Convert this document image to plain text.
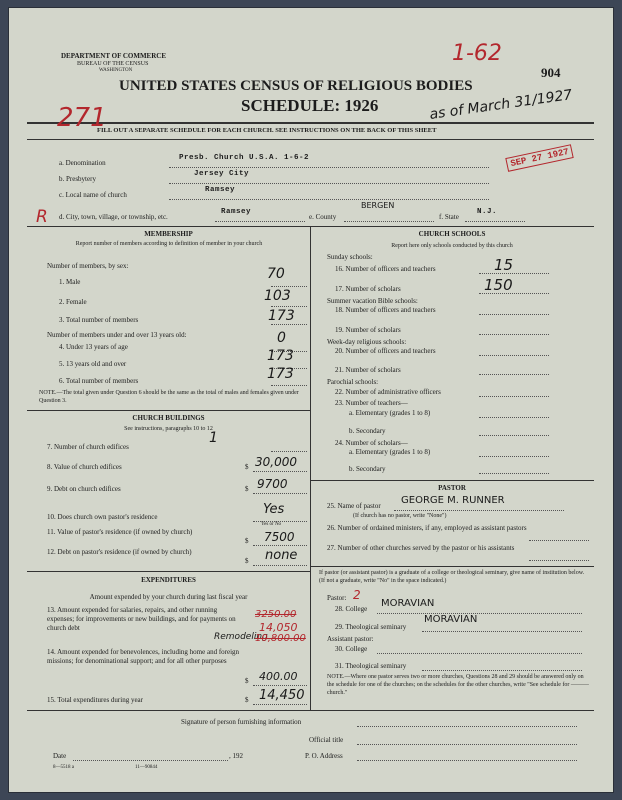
DEPARTMENT OF COMMERCE
BUREAU OF THE CENSUS
WASHINGTON
UNITED STATES CENSUS OF RELIGIOUS BODIES
SCHEDULE: 1926
FILL OUT A SEPARATE SCHEDULE FOR EACH CHURCH. SEE INSTRUCTIONS ON THE BACK OF THIS SHEET
1-62
271	as of March 31/1927
904
SEP 27 1927
R
a. Denomination
Presb. Church U.S.A. 1-6-2
b. Presbytery
Jersey City
c. Local name of church
Ramsey
d. City, town, village, or township, etc.
Ramsey
e. County
BERGEN
f. State
N.J.
MEMBERSHIP
Report number of members according to definition of member in your church
Number of members, by sex:
1. Male	70
2. Female	103
3. Total number of members	173
Number of members under and over 13 years old:
4. Under 13 years of age
0
5. 13 years old and over	173
6. Total number of members	173
NOTE.—The total given under Question 6 should be the same as the total of males and females given under Question 3.
CHURCH BUILDINGS
See instructions, paragraphs 10 to 12
7. Number of church edifices
1
8. Value of church edifices	$ 30,000
9. Debt on church edifices	$ 9700
10. Does church own pastor's residence	Yes
Yes or No
11. Value of pastor's residence (if owned by church)
$ 7500
12. Debt on pastor's residence (if owned by church)
$ none
EXPENDITURES
Amount expended by your church during last fiscal year
13. Amount expended for salaries, repairs, and other running expenses; for improvements or new buildings, and for payments on church debt
3250.00
14,050
Remodeling
10,800.00
14. Amount expended for benevolences, including home and foreign missions; for denominational support; and for all other purposes
$ 400.00
15. Total expenditures during year	$ 14,450
CHURCH SCHOOLS
Report here only schools conducted by this church
Sunday schools:
16. Number of officers and teachers	15
17. Number of scholars	150
Summer vacation Bible schools:
18. Number of officers and teachers
19. Number of scholars
Week-day religious schools:
20. Number of officers and teachers
21. Number of scholars
Parochial schools:
22. Number of administrative officers
23. Number of teachers—
a. Elementary (grades 1 to 8)
b. Secondary
24. Number of scholars—
a. Elementary (grades 1 to 8)
b. Secondary
PASTOR
25. Name of pastor GEORGE M. RUNNER
(If church has no pastor, write "None")
26. Number of ordained ministers, if any, employed as assistant pastors
27. Number of other churches served by the pastor or his assistants
If pastor (or assistant pastor) is a graduate of a college or theological seminary, give name of institution below. (If not a graduate, write "No" in the space indicated.)
Pastor: 2
28. College MORAVIAN
29. Theological seminary
MORAVIAN
Assistant pastor:
30. College
31. Theological seminary
NOTE.—Where one pastor serves two or more churches, Questions 28 and 29 should be answered only on the schedule for one of the churches; on the schedules for the other churches, write "See schedule for ——— church."
Signature of person furnishing information
Official title
Date	, 192	P. O. Address
8—5518 a	11—90844
